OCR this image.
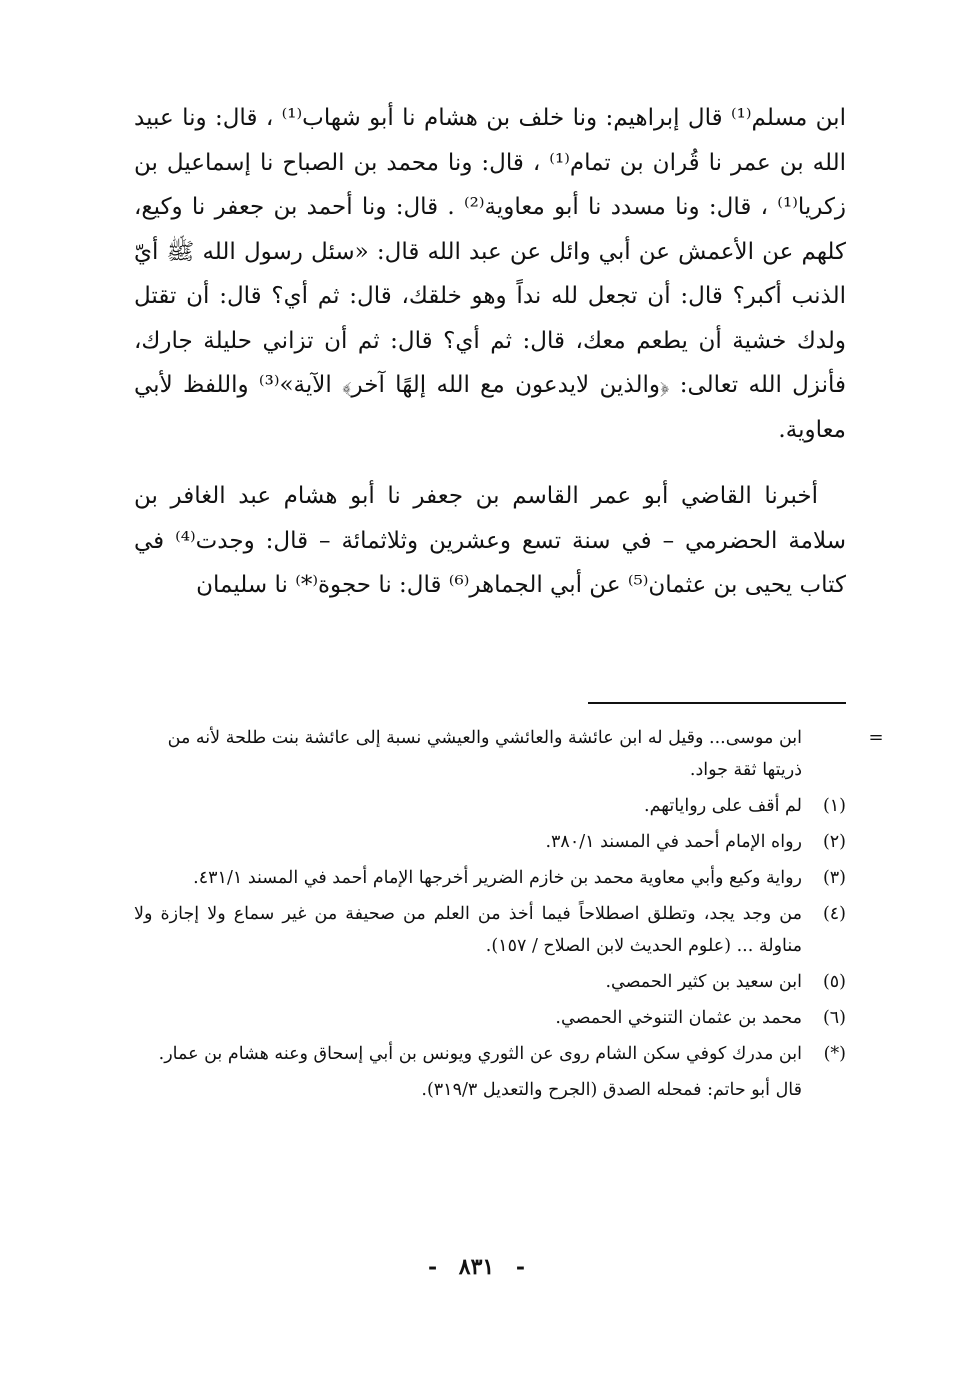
ابن مسلم⁽¹⁾ قال إبراهيم: ونا خلف بن هشام نا أبو شهاب⁽¹⁾ ، قال: ونا عبيد الله بن عمر نا قُران بن تمام⁽¹⁾ ، قال: ونا محمد بن الصباح نا إسماعيل بن زكريا⁽¹⁾ ، قال: ونا مسدد نا أبو معاوية⁽²⁾ . قال: ونا أحمد بن جعفر نا وكيع، كلهم عن الأعمش عن أبي وائل عن عبد الله قال: «سئل رسول الله ﷺ أيّ الذنب أكبر؟ قال: أن تجعل لله نداً وهو خلقك، قال: ثم أي؟ قال: أن تقتل ولدك خشية أن يطعم معك، قال: ثم أي؟ قال: ثم أن تزاني حليلة جارك، فأنزل الله تعالى: ﴿والذين لايدعون مع الله إلهًا آخر﴾ الآية»⁽³⁾ واللفظ لأبي معاوية.

أخبرنا القاضي أبو عمر القاسم بن جعفر نا أبو هشام عبد الغافر بن سلامة الحضرمي – في سنة تسع وعشرين وثلاثمائة – قال: وجدت⁽⁴⁾ في كتاب يحيى بن عثمان⁽⁵⁾ عن أبي الجماهر⁽⁶⁾ قال: نا حجوة⁽*⁾ نا سليمان

=
ابن موسى... وقيل له ابن عائشة والعائشي والعيشي نسبة إلى عائشة بنت طلحة لأنه من ذريتها ثقة جواد.
(١)
لم أقف على رواياتهم.
(٢)
رواه الإمام أحمد في المسند ٣٨٠/١.
(٣)
رواية وكيع وأبي معاوية محمد بن خازم الضرير أخرجها الإمام أحمد في المسند ٤٣١/١.
(٤)
من وجد يجد، وتطلق اصطلاحاً فيما أخذ من العلم من صحيفة من غير سماع ولا إجازة ولا مناولة ... (علوم الحديث لابن الصلاح / ١٥٧).
(٥)
ابن سعيد بن كثير الحمصي.
(٦)
محمد بن عثمان التنوخي الحمصي.
(*)
ابن مدرك كوفي سكن الشام روى عن الثوري ويونس بن أبي إسحاق وعنه هشام بن عمار.
قال أبو حاتم: فمحله الصدق (الجرح والتعديل ٣١٩/٣).
- ٨٣١ -
